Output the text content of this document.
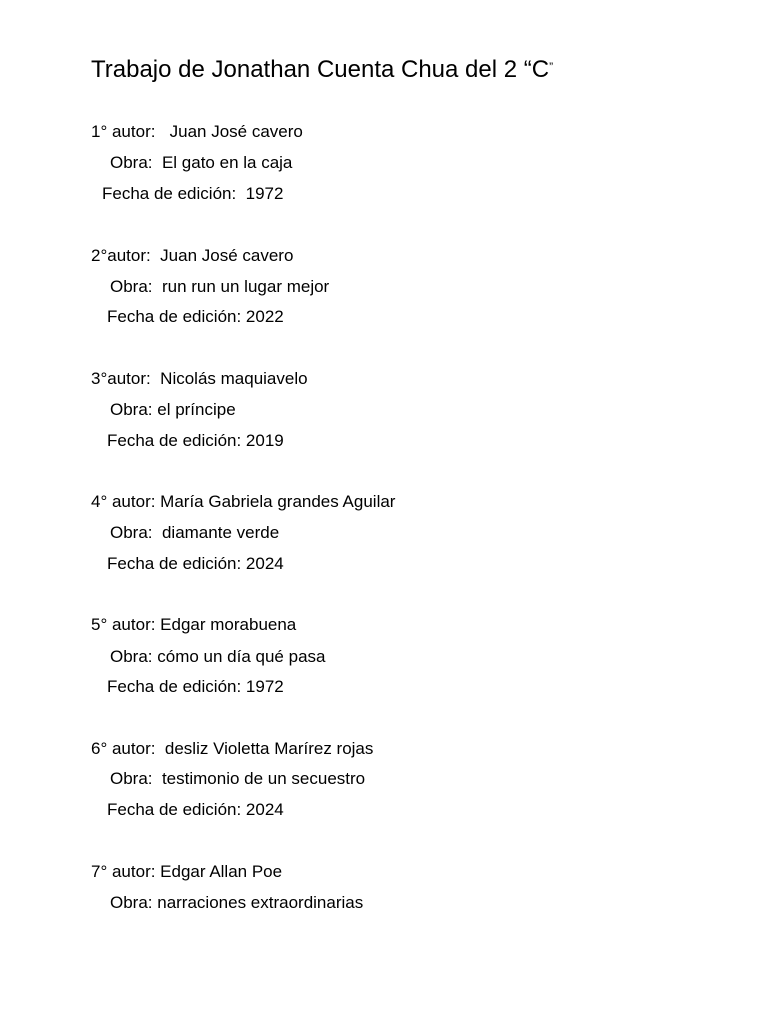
Trabajo de Jonathan Cuenta Chua del 2 “C”

1° autor:   Juan José cavero

Obra:  El gato en la caja

Fecha de edición:  1972

2°autor:  Juan José cavero

Obra:  run run un lugar mejor

Fecha de edición: 2022

3°autor:  Nicolás maquiavelo

Obra: el príncipe

Fecha de edición: 2019

4° autor: María Gabriela grandes Aguilar

Obra:  diamante verde

Fecha de edición: 2024

5° autor: Edgar morabuena

Obra: cómo un día qué pasa

Fecha de edición: 1972

6° autor:  desliz Violetta Marírez rojas

Obra:  testimonio de un secuestro

Fecha de edición: 2024

7° autor: Edgar Allan Poe

Obra: narraciones extraordinarias
